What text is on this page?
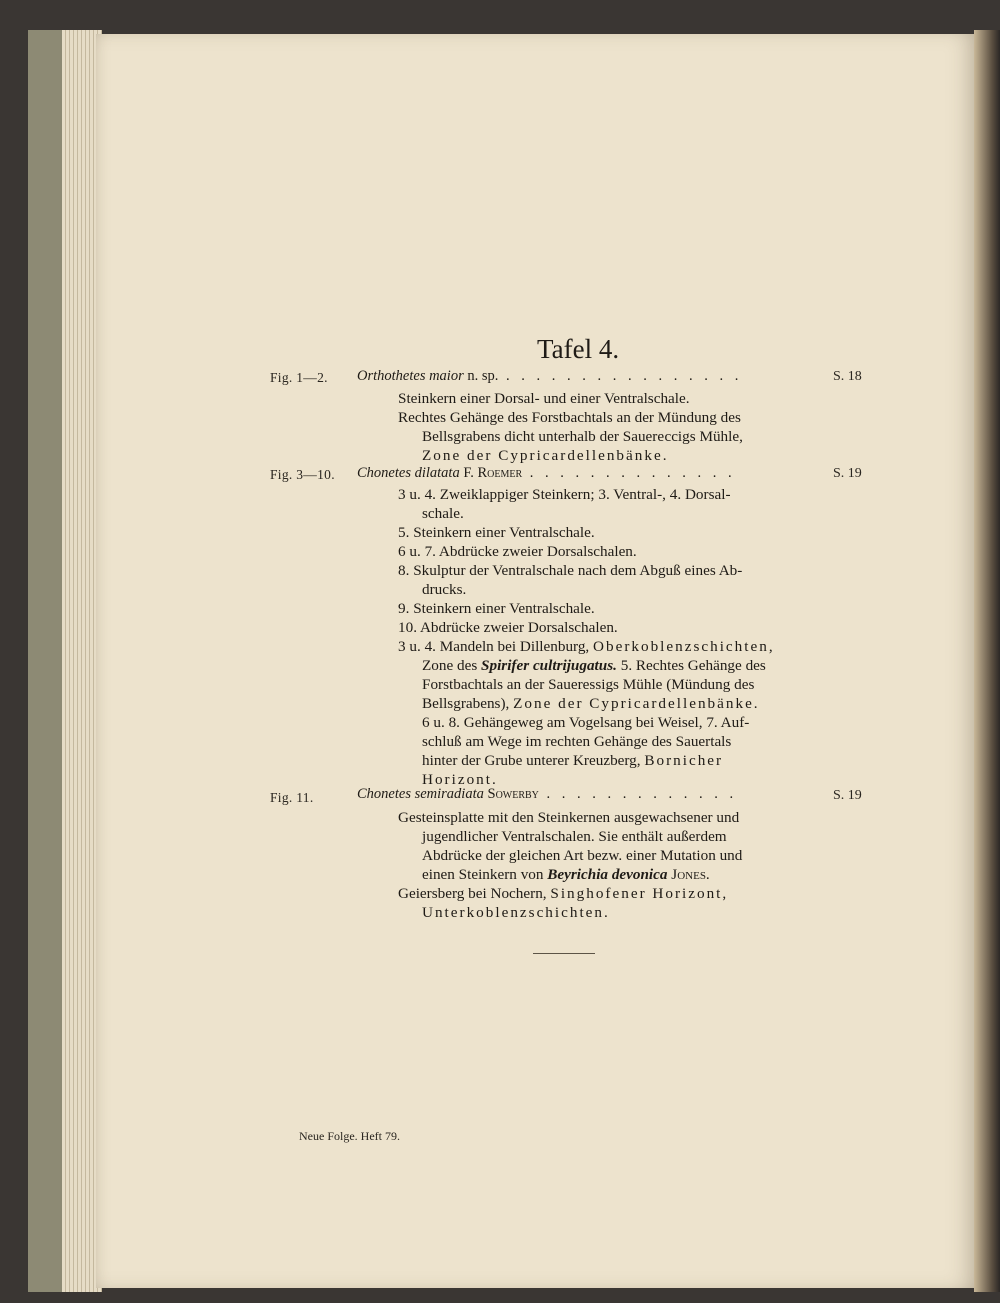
Tafel 4.
Fig. 1—2. Orthothetes maior n. sp. . . . . . . . . . . . . . . . .	S. 18
Steinkern einer Dorsal- und einer Ventralschale.
Rechtes Gehänge des Forstbachtals an der Mündung des
Bellsgrabens dicht unterhalb der Sauerессigs Mühle,
Zone der Cypricardellenbänke.
Fig. 3—10. Chonetes dilatata F. Roemer . . . . . . . . . . . . . .	S. 19
3 u. 4. Zweiklappiger Steinkern; 3. Ventral-, 4. Dorsal-
schale.
5. Steinkern einer Ventralschale.
6 u. 7. Abdrücke zweier Dorsalschalen.
8. Skulptur der Ventralschale nach dem Abguß eines Ab-
drucks.
9. Steinkern einer Ventralschale.
10. Abdrücke zweier Dorsalschalen.
3 u. 4. Mandeln bei Dillenburg, Oberkoblenzschichten,
Zone des Spirifer cultrijugatus. 5. Rechtes Gehänge des
Forstbachtals an der Saueressigs Mühle (Mündung des
Bellsgrabens), Zone der Cypricardellenbänke.
6 u. 8. Gehängeweg am Vogelsang bei Weisel, 7. Auf-
schluß am Wege im rechten Gehänge des Sauertals
hinter der Grube unterer Kreuzberg, Bornicher
Horizont.
Fig. 11.	Chonetes semiradiata Sowerby . . . . . . . . . . . . .	S. 19
Gesteinsplatte mit den Steinkernen ausgewachsener und
jugendlicher Ventralschalen. Sie enthält außerdem
Abdrücke der gleichen Art bezw. einer Mutation und
einen Steinkern von Beyrichia devonica Jones.
Geiersberg bei Nochern, Singhofener Horizont,
Unterkoblenzschichten.
Neue Folge. Heft 79.
